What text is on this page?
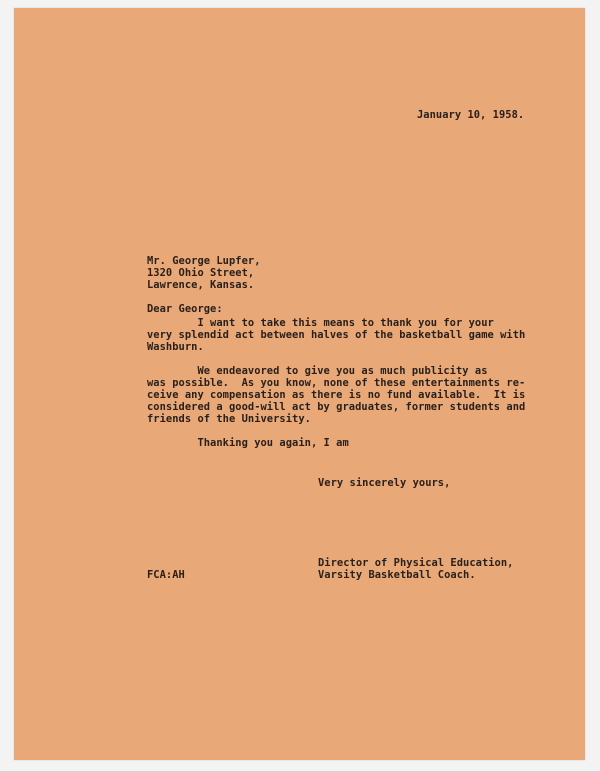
January 10, 1958.
Mr. George Lupfer,
1320 Ohio Street,
Lawrence, Kansas.
Dear George:
I want to take this means to thank you for your
very splendid act between halves of the basketball game with
Washburn.
We endeavored to give you as much publicity as
was possible.  As you know, none of these entertainments re-
ceive any compensation as there is no fund available.  It is
considered a good-will act by graduates, former students and
friends of the University.
Thanking you again, I am
Very sincerely yours,
Director of Physical Education,
Varsity Basketball Coach.
FCA:AH
